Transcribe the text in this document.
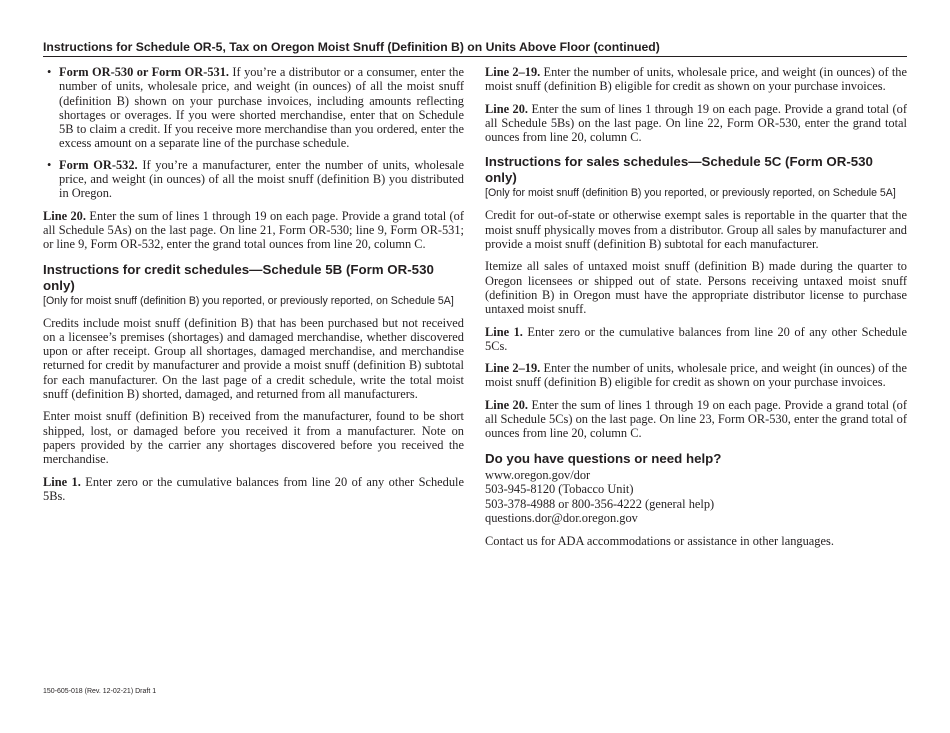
Instructions for Schedule OR-5, Tax on Oregon Moist Snuff (Definition B) on Units Above Floor (continued)
• Form OR-530 or Form OR-531. If you’re a distributor or a consumer, enter the number of units, wholesale price, and weight (in ounces) of all the moist snuff (definition B) shown on your purchase invoices, including amounts reflecting shortages or overages. If you were shorted merchandise, enter that on Schedule 5B to claim a credit. If you receive more merchandise than you ordered, enter the excess amount on a separate line of the purchase schedule.
• Form OR-532. If you’re a manufacturer, enter the number of units, wholesale price, and weight (in ounces) of all the moist snuff (definition B) you distributed in Oregon.

Line 20. Enter the sum of lines 1 through 19 on each page. Provide a grand total (of all Schedule 5As) on the last page. On line 21, Form OR-530; line 9, Form OR-531; or line 9, Form OR-532, enter the grand total ounces from line 20, column C.

Instructions for credit schedules—Schedule 5B (Form OR-530 only)
[Only for moist snuff (definition B) you reported, or previously reported, on Schedule 5A]

Credits include moist snuff (definition B) that has been purchased but not received on a licensee’s premises (shortages) and damaged merchandise, whether discovered upon or after receipt. Group all shortages, damaged merchandise, and merchandise returned for credit by manufacturer and provide a moist snuff (definition B) subtotal for each manufacturer. On the last page of a credit schedule, write the total moist snuff (definition B) shorted, damaged, and returned from all manufacturers.

Enter moist snuff (definition B) received from the manufacturer, found to be short shipped, lost, or damaged before you received it from a manufacturer. Note on papers provided by the carrier any shortages discovered before you received the merchandise.

Line 1. Enter zero or the cumulative balances from line 20 of any other Schedule 5Bs.

Line 2–19. Enter the number of units, wholesale price, and weight (in ounces) of the moist snuff (definition B) eligible for credit as shown on your purchase invoices.

Line 20. Enter the sum of lines 1 through 19 on each page. Provide a grand total (of all Schedule 5Bs) on the last page. On line 22, Form OR-530, enter the grand total ounces from line 20, column C.

Instructions for sales schedules—Schedule 5C (Form OR-530 only)
[Only for moist snuff (definition B) you reported, or previously reported, on Schedule 5A]

Credit for out-of-state or otherwise exempt sales is reportable in the quarter that the moist snuff physically moves from a distributor. Group all sales by manufacturer and provide a moist snuff (definition B) subtotal for each manufacturer.

Itemize all sales of untaxed moist snuff (definition B) made during the quarter to Oregon licensees or shipped out of state. Persons receiving untaxed moist snuff (definition B) in Oregon must have the appropriate distributor license to purchase untaxed moist snuff.

Line 1. Enter zero or the cumulative balances from line 20 of any other Schedule 5Cs.

Line 2–19. Enter the number of units, wholesale price, and weight (in ounces) of the moist snuff (definition B) eligible for credit as shown on your purchase invoices.

Line 20. Enter the sum of lines 1 through 19 on each page. Provide a grand total (of all Schedule 5Cs) on the last page. On line 23, Form OR-530, enter the grand total of ounces from line 20, column C.

Do you have questions or need help?
www.oregon.gov/dor
503-945-8120 (Tobacco Unit)
503-378-4988 or 800-356-4222 (general help)
questions.dor@dor.oregon.gov

Contact us for ADA accommodations or assistance in other languages.

150-605-018 (Rev. 12-02-21) Draft 1
